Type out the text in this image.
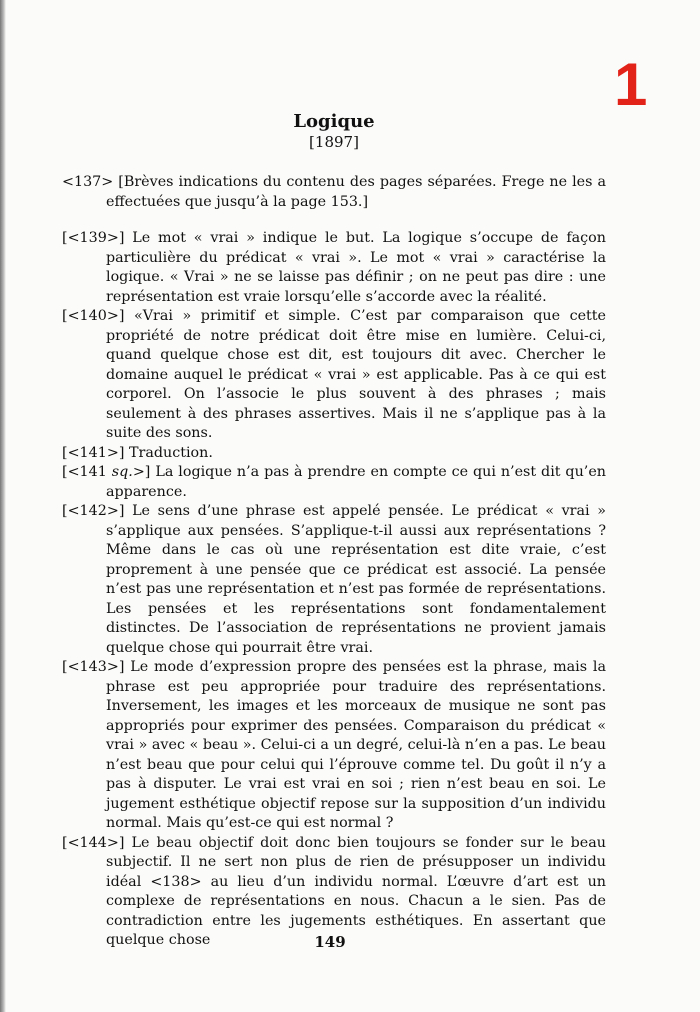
1
Logique
[1897]

<137> [Brèves indications du contenu des pages séparées. Frege ne les a effectuées que jusqu’à la page 153.]

[<139>] Le mot « vrai » indique le but. La logique s’occupe de façon particulière du prédicat « vrai ». Le mot « vrai » caractérise la logique. « Vrai » ne se laisse pas définir ; on ne peut pas dire : une représentation est vraie lorsqu’elle s’accorde avec la réalité.

[<140>] «Vrai » primitif et simple. C’est par comparaison que cette propriété de notre prédicat doit être mise en lumière. Celui-ci, quand quelque chose est dit, est toujours dit avec. Chercher le domaine auquel le prédicat « vrai » est applicable. Pas à ce qui est corporel. On l’associe le plus souvent à des phrases ; mais seulement à des phrases assertives. Mais il ne s’applique pas à la suite des sons.

[<141>] Traduction.

[<141 sq.>] La logique n’a pas à prendre en compte ce qui n’est dit qu’en apparence.

[<142>] Le sens d’une phrase est appelé pensée. Le prédicat « vrai » s’applique aux pensées. S’applique-t-il aussi aux représentations ? Même dans le cas où une représentation est dite vraie, c’est proprement à une pensée que ce prédicat est associé. La pensée n’est pas une représentation et n’est pas formée de représentations. Les pensées et les représentations sont fondamentalement distinctes. De l’association de représentations ne provient jamais quelque chose qui pourrait être vrai.

[<143>] Le mode d’expression propre des pensées est la phrase, mais la phrase est peu appropriée pour traduire des représentations. Inversement, les images et les morceaux de musique ne sont pas appropriés pour exprimer des pensées. Comparaison du prédicat « vrai » avec « beau ». Celui-ci a un degré, celui-là n’en a pas. Le beau n’est beau que pour celui qui l’éprouve comme tel. Du goût il n’y a pas à disputer. Le vrai est vrai en soi ; rien n’est beau en soi. Le jugement esthétique objectif repose sur la supposition d’un individu normal. Mais qu’est-ce qui est normal ?

[<144>] Le beau objectif doit donc bien toujours se fonder sur le beau subjectif. Il ne sert non plus de rien de présupposer un individu idéal <138> au lieu d’un individu normal. L’œuvre d’art est un complexe de représentations en nous. Chacun a le sien. Pas de contradiction entre les jugements esthétiques. En assertant que quelque chose	149
